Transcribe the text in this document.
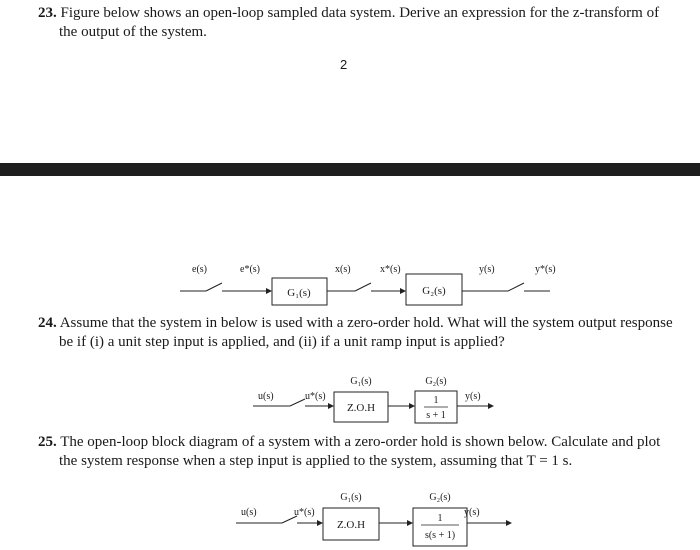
23. Figure below shows an open-loop sampled data system. Derive an expression for the z-transform of the output of the system.

2
e(s)	e*(s)
G₁(s)
x(s)	x*(s)
G₂(s)
y(s)	y*(s)

24. Assume that the system in below is used with a zero-order hold. What will the system output response be if (i) a unit step input is applied, and (ii) if a unit ramp input is applied?

u(s)	u*(s)
G₁(s)
Z.O.H
G₂(s)
1
s + 1
y(s)

25. The open-loop block diagram of a system with a zero-order hold is shown below. Calculate and plot the system response when a step input is applied to the system, assuming that T = 1 s.

u(s)	u*(s)
G₁(s)
Z.O.H
G₂(s)
1
s(s + 1)
y(s)
